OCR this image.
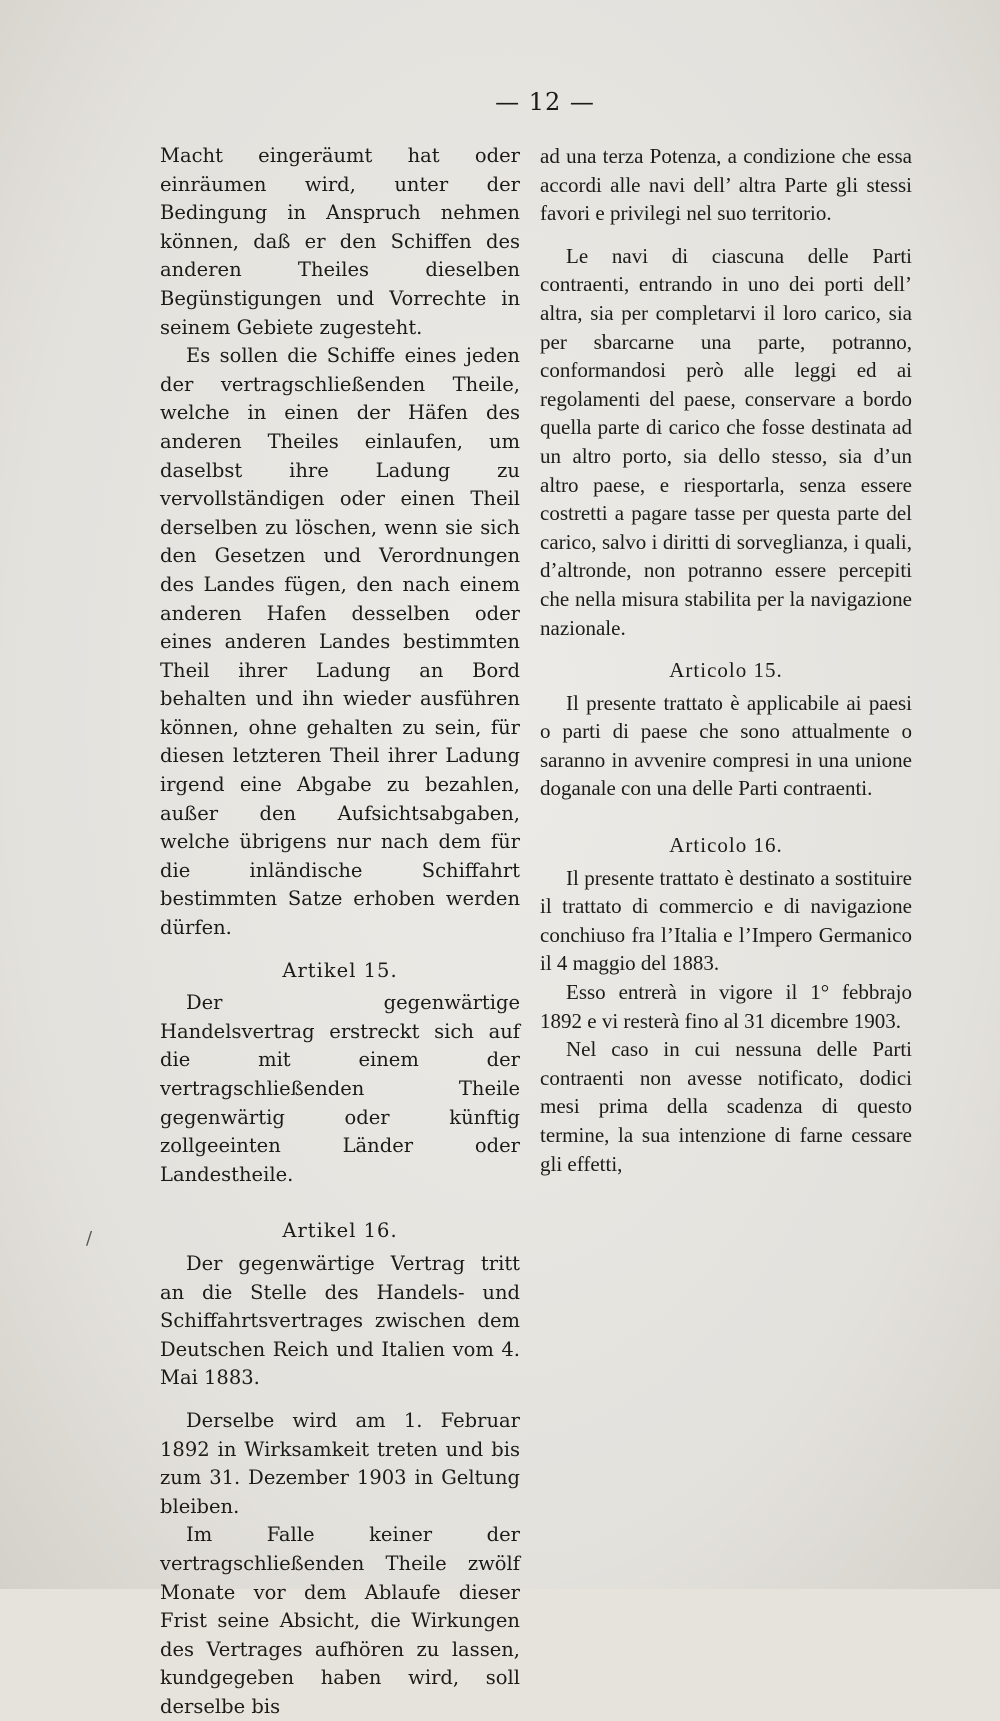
— 12 —

Macht eingeräumt hat oder einräumen wird, unter der Bedingung in Anspruch nehmen können, daß er den Schiffen des anderen Theiles dieselben Begünstigungen und Vorrechte in seinem Gebiete zugesteht.

Es sollen die Schiffe eines jeden der vertragschließenden Theile, welche in einen der Häfen des anderen Theiles einlaufen, um daselbst ihre Ladung zu vervollständigen oder einen Theil derselben zu löschen, wenn sie sich den Gesetzen und Verordnungen des Landes fügen, den nach einem anderen Hafen desselben oder eines anderen Landes bestimmten Theil ihrer Ladung an Bord behalten und ihn wieder ausführen können, ohne gehalten zu sein, für diesen letzteren Theil ihrer Ladung irgend eine Abgabe zu bezahlen, außer den Aufsichtsabgaben, welche übrigens nur nach dem für die inländische Schiffahrt bestimmten Satze erhoben werden dürfen.

Artikel 15.

Der gegenwärtige Handelsvertrag erstreckt sich auf die mit einem der vertragschließenden Theile gegenwärtig oder künftig zollgeeinten Länder oder Landestheile.

Artikel 16.

Der gegenwärtige Vertrag tritt an die Stelle des Handels- und Schiffahrtsvertrages zwischen dem Deutschen Reich und Italien vom 4. Mai 1883.

Derselbe wird am 1. Februar 1892 in Wirksamkeit treten und bis zum 31. Dezember 1903 in Geltung bleiben.

Im Falle keiner der vertragschließenden Theile zwölf Monate vor dem Ablaufe dieser Frist seine Absicht, die Wirkungen des Vertrages aufhören zu lassen, kundgegeben haben wird, soll derselbe bis

ad una terza Potenza, a condizione che essa accordi alle navi dell’ altra Parte gli stessi favori e privilegi nel suo territorio.

Le navi di ciascuna delle Parti contraenti, entrando in uno dei porti dell’ altra, sia per completarvi il loro carico, sia per sbarcarne una parte, potranno, conformandosi però alle leggi ed ai regolamenti del paese, conservare a bordo quella parte di carico che fosse destinata ad un altro porto, sia dello stesso, sia d’un altro paese, e riesportarla, senza essere costretti a pagare tasse per questa parte del carico, salvo i diritti di sorveglianza, i quali, d’altronde, non potranno essere percepiti che nella misura stabilita per la navigazione nazionale.

Articolo 15.

Il presente trattato è applicabile ai paesi o parti di paese che sono attualmente o saranno in avvenire compresi in una unione doganale con una delle Parti contraenti.

Articolo 16.

Il presente trattato è destinato a sostituire il trattato di commercio e di navigazione conchiuso fra l’Italia e l’Impero Germanico il 4 maggio del 1883.

Esso entrerà in vigore il 1° febbrajo 1892 e vi resterà fino al 31 dicembre 1903.

Nel caso in cui nessuna delle Parti contraenti non avesse notificato, dodici mesi prima della scadenza di questo termine, la sua intenzione di farne cessare gli effetti,

/
